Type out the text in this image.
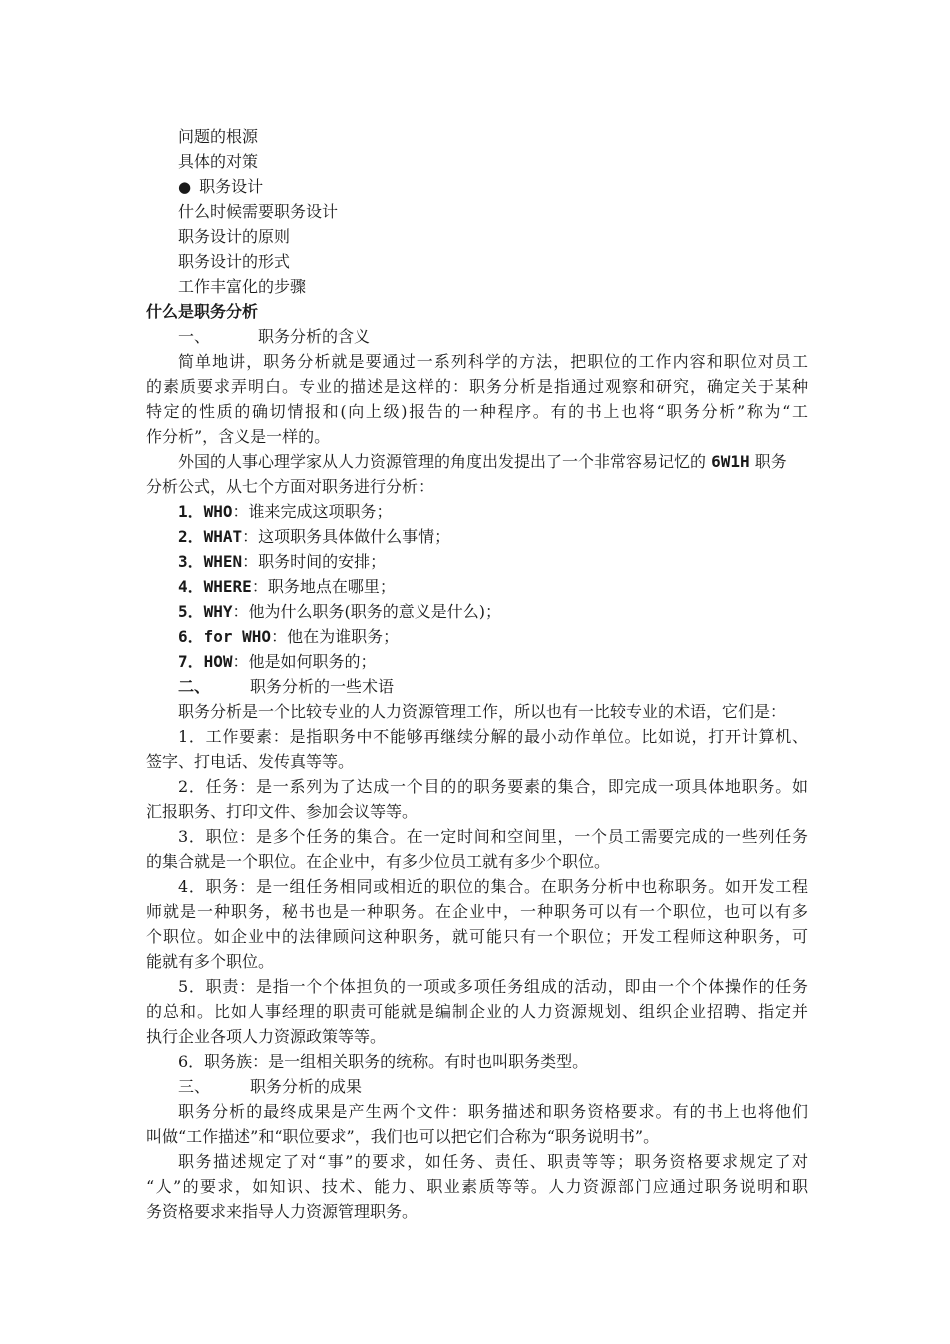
问题的根源
具体的对策
● 职务设计
什么时候需要职务设计
职务设计的原则
职务设计的形式
工作丰富化的步骤
什么是职务分析
一、	职务分析的含义
简单地讲，职务分析就是要通过一系列科学的方法，把职位的工作内容和职位对员工
的素质要求弄明白。专业的描述是这样的：职务分析是指通过观察和研究，确定关于某种
特定的性质的确切情报和(向上级)报告的一种程序。有的书上也将“职务分析”称为“工
作分析”，含义是一样的。
外国的人事心理学家从人力资源管理的角度出发提出了一个非常容易记忆的 6W1H 职务
分析公式，从七个方面对职务进行分析：
1．WHO：谁来完成这项职务；
2．WHAT：这项职务具体做什么事情；
3．WHEN：职务时间的安排；
4．WHERE：职务地点在哪里；
5．WHY：他为什么职务(职务的意义是什么)；
6．for WHO：他在为谁职务；
7．HOW：他是如何职务的；
二、	职务分析的一些术语
职务分析是一个比较专业的人力资源管理工作，所以也有一比较专业的术语，它们是：
1．工作要素：是指职务中不能够再继续分解的最小动作单位。比如说，打开计算机、
签字、打电话、发传真等等。
2．任务：是一系列为了达成一个目的的职务要素的集合，即完成一项具体地职务。如
汇报职务、打印文件、参加会议等等。
3．职位：是多个任务的集合。在一定时间和空间里，一个员工需要完成的一些列任务
的集合就是一个职位。在企业中，有多少位员工就有多少个职位。
4．职务：是一组任务相同或相近的职位的集合。在职务分析中也称职务。如开发工程
师就是一种职务，秘书也是一种职务。在企业中，一种职务可以有一个职位，也可以有多
个职位。如企业中的法律顾问这种职务，就可能只有一个职位；开发工程师这种职务，可
能就有多个职位。
5．职责：是指一个个体担负的一项或多项任务组成的活动，即由一个个体操作的任务
的总和。比如人事经理的职责可能就是编制企业的人力资源规划、组织企业招聘、指定并
执行企业各项人力资源政策等等。
6．职务族：是一组相关职务的统称。有时也叫职务类型。
三、	职务分析的成果
职务分析的最终成果是产生两个文件：职务描述和职务资格要求。有的书上也将他们
叫做“工作描述”和“职位要求”，我们也可以把它们合称为“职务说明书”。
职务描述规定了对“事”的要求，如任务、责任、职责等等；职务资格要求规定了对
“人”的要求，如知识、技术、能力、职业素质等等。人力资源部门应通过职务说明和职
务资格要求来指导人力资源管理职务。
